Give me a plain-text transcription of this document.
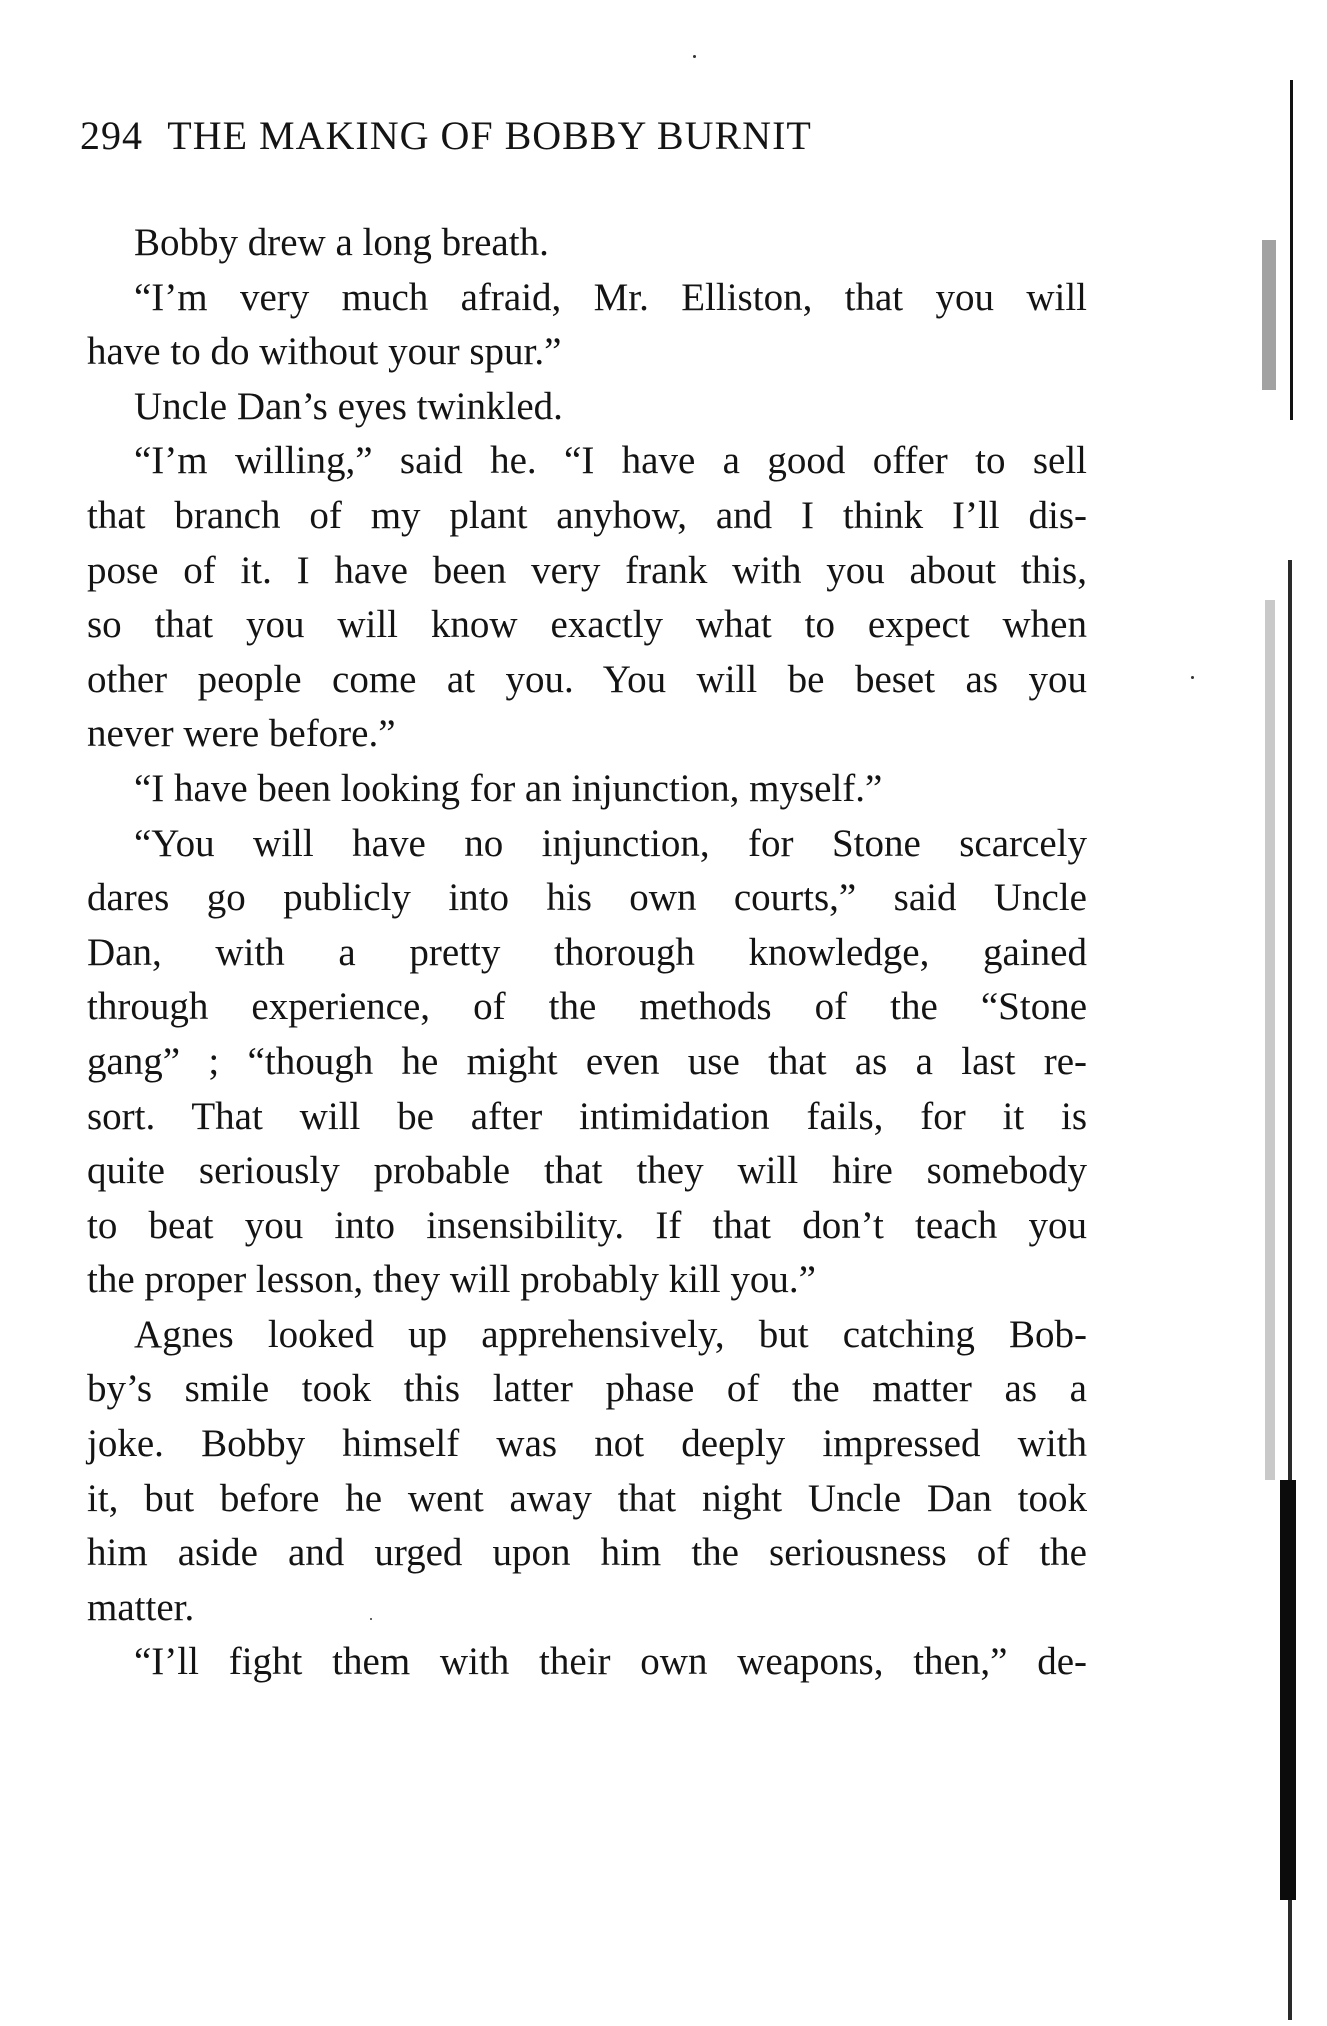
294 THE MAKING OF BOBBY BURNIT
Bobby drew a long breath.
“I’m very much afraid, Mr. Elliston, that you will
have to do without your spur.”
Uncle Dan’s eyes twinkled.
“I’m willing,” said he. “I have a good offer to sell
that branch of my plant anyhow, and I think I’ll dis-
pose of it. I have been very frank with you about this,
so that you will know exactly what to expect when
other people come at you. You will be beset as you
never were before.”
“I have been looking for an injunction, myself.”
“You will have no injunction, for Stone scarcely
dares go publicly into his own courts,” said Uncle
Dan, with a pretty thorough knowledge, gained
through experience, of the methods of the “Stone
gang” ; “though he might even use that as a last re-
sort. That will be after intimidation fails, for it is
quite seriously probable that they will hire somebody
to beat you into insensibility. If that don’t teach you
the proper lesson, they will probably kill you.”
Agnes looked up apprehensively, but catching Bob-
by’s smile took this latter phase of the matter as a
joke. Bobby himself was not deeply impressed with
it, but before he went away that night Uncle Dan took
him aside and urged upon him the seriousness of the
matter.
“I’ll fight them with their own weapons, then,” de-
